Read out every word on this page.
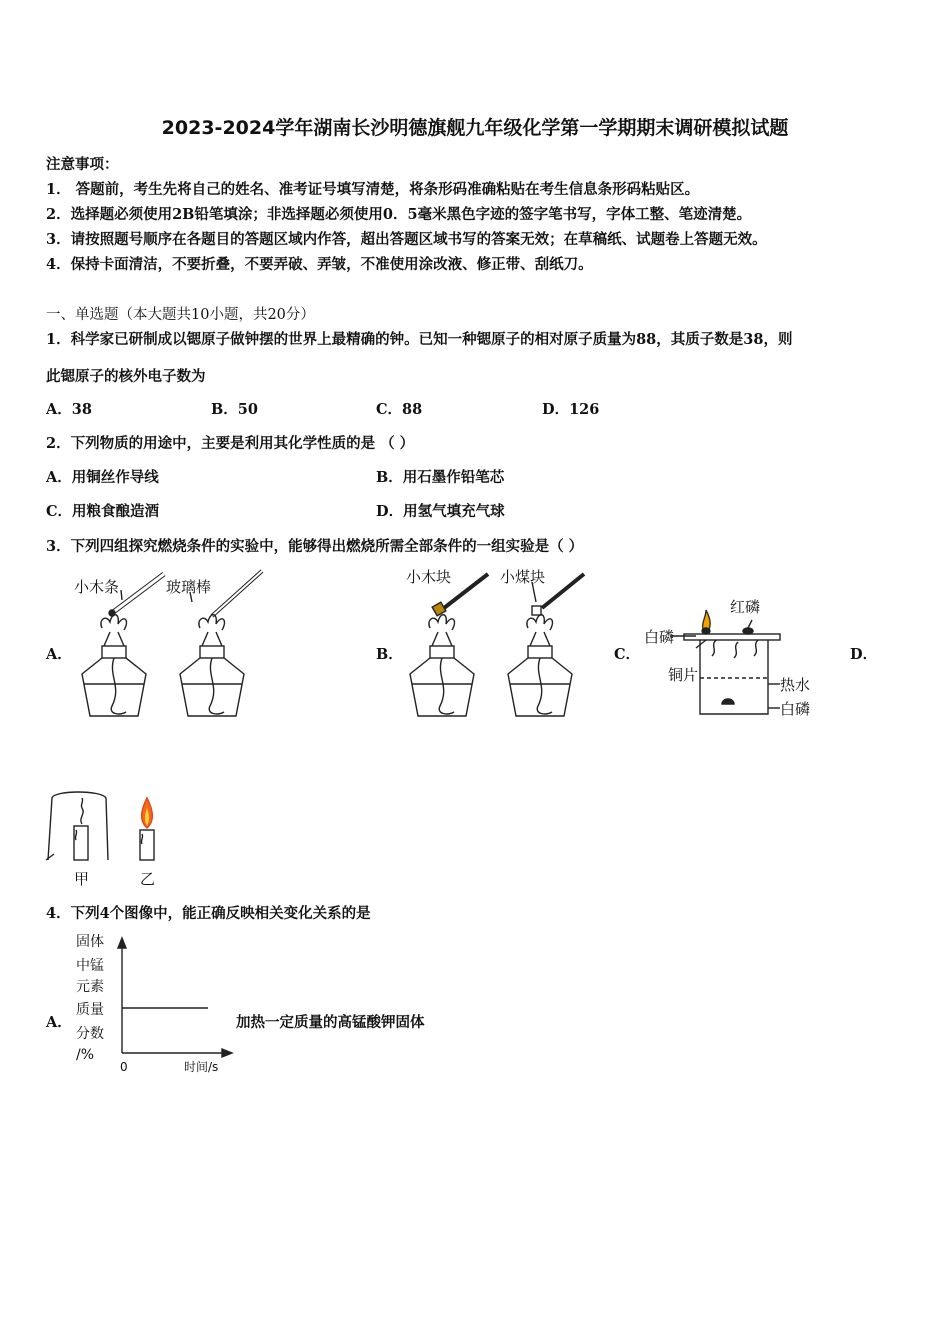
2023-2024学年湖南长沙明德旗舰九年级化学第一学期期末调研模拟试题
注意事项：
1． 答题前，考生先将自己的姓名、准考证号填写清楚，将条形码准确粘贴在考生信息条形码粘贴区。
2．选择题必须使用2B铅笔填涂；非选择题必须使用0．5毫米黑色字迹的签字笔书写，字体工整、笔迹清楚。
3．请按照题号顺序在各题目的答题区域内作答，超出答题区域书写的答案无效；在草稿纸、试题卷上答题无效。
4．保持卡面清洁，不要折叠，不要弄破、弄皱，不准使用涂改液、修正带、刮纸刀。
一、单选题（本大题共10小题，共20分）
1．科学家已研制成以锶原子做钟摆的世界上最精确的钟。已知一种锶原子的相对原子质量为88，其质子数是38，则
此锶原子的核外电子数为
A．38	B．50	C．88	D．126
2．下列物质的用途中，主要是利用其化学性质的是 （ ）
A．用铜丝作导线	B．用石墨作铅笔芯
C．用粮食酿造酒	D．用氢气填充气球
3．下列四组探究燃烧条件的实验中，能够得出燃烧所需全部条件的一组实验是（ ）
A．	B．	C．	D．
小木条	玻璃棒
小木块	小煤块
红磷
白磷
铜片
热水
白磷
甲	乙
4．下列4个图像中，能正确反映相关变化关系的是
A．
固体
中锰
元素
质量
分数
/%
0	时间/s
加热一定质量的高锰酸钾固体
